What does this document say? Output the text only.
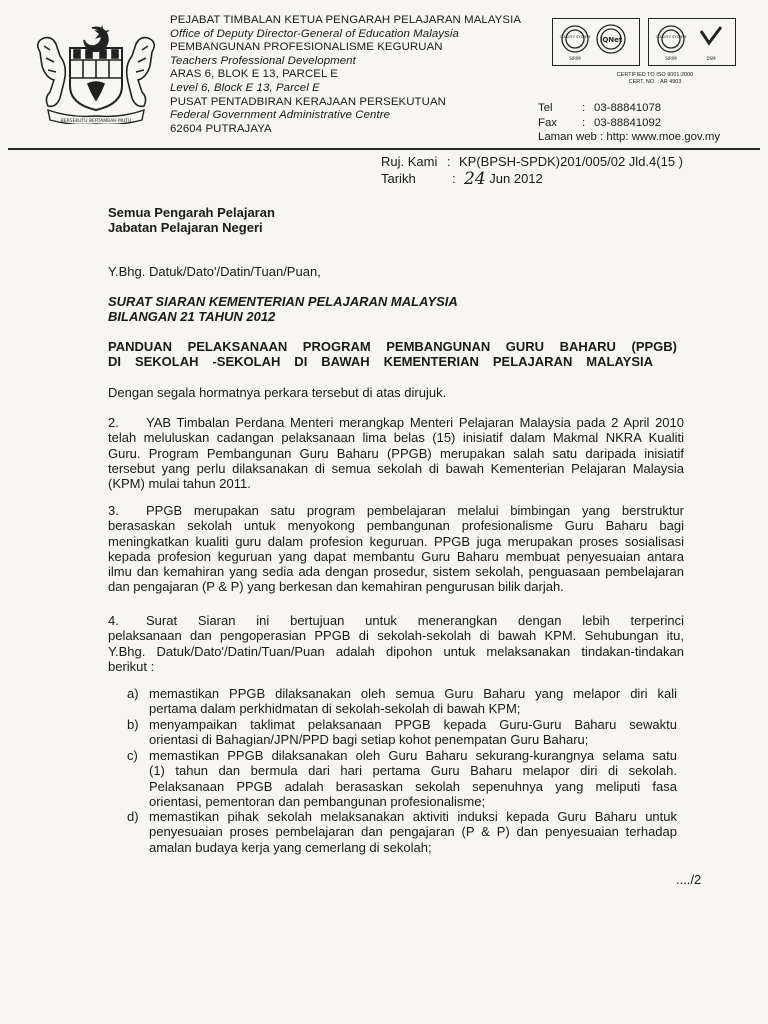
BERSEKUTU BERTAMBAH MUTU
PEJABAT TIMBALAN KETUA PENGARAH PELAJARAN MALAYSIA
Office of Deputy Director-General of Education Malaysia
PEMBANGUNAN PROFESIONALISME KEGURUAN
Teachers Professional Development
ARAS 6, BLOK E 13, PARCEL E
Level 6, Block E 13, Parcel E
PUSAT PENTADBIRAN KERAJAAN PERSEKUTUAN
Federal Government Administrative Centre
62604 PUTRAJAYA
QUALITY SYSTEM IQNet
SIRIM
QUALITY SYSTEM
SIRIM	DSM
CERTIFIED TO ISO 9001:2000
CERT. NO. : AR 4903
Tel	: 03-88841078
Fax : 03-88841092
Laman web : http: www.moe.gov.my
Ruj. Kami : KP(BPSH-SPDK)201/005/02 Jld.4(15 )
Tarikh	: 24 Jun 2012
Semua Pengarah Pelajaran
Jabatan Pelajaran Negeri
Y.Bhg. Datuk/Dato'/Datin/Tuan/Puan,
SURAT SIARAN KEMENTERIAN PELAJARAN MALAYSIA
BILANGAN 21 TAHUN 2012
PANDUAN PELAKSANAAN PROGRAM PEMBANGUNAN GURU BAHARU (PPGB)
DI SEKOLAH -SEKOLAH DI BAWAH KEMENTERIAN PELAJARAN MALAYSIA
Dengan segala hormatnya perkara tersebut di atas dirujuk.
2. YAB Timbalan Perdana Menteri merangkap Menteri Pelajaran Malaysia pada 2 April 2010
telah meluluskan cadangan pelaksanaan lima belas (15) inisiatif dalam Makmal NKRA Kualiti
Guru. Program Pembangunan Guru Baharu (PPGB) merupakan salah satu daripada inisiatif
tersebut yang perlu dilaksanakan di semua sekolah di bawah Kementerian Pelajaran Malaysia
(KPM) mulai tahun 2011.
3. PPGB merupakan satu program pembelajaran melalui bimbingan yang berstruktur
berasaskan sekolah untuk menyokong pembangunan profesionalisme Guru Baharu bagi
meningkatkan kualiti guru dalam profesion keguruan. PPGB juga merupakan proses sosialisasi
kepada profesion keguruan yang dapat membantu Guru Baharu membuat penyesuaian antara
ilmu dan kemahiran yang sedia ada dengan prosedur, sistem sekolah, penguasaan pembelajaran
dan pengajaran (P & P) yang berkesan dan kemahiran pengurusan bilik darjah.
4. Surat Siaran ini bertujuan untuk menerangkan dengan lebih terperinci
pelaksanaan dan pengoperasian PPGB di sekolah-sekolah di bawah KPM. Sehubungan itu,
Y.Bhg. Datuk/Dato'/Datin/Tuan/Puan adalah dipohon untuk melaksanakan tindakan-tindakan
berikut :
a) memastikan PPGB dilaksanakan oleh semua Guru Baharu yang melapor diri kali
pertama dalam perkhidmatan di sekolah-sekolah di bawah KPM;
b) menyampaikan taklimat pelaksanaan PPGB kepada Guru-Guru Baharu sewaktu
orientasi di Bahagian/JPN/PPD bagi setiap kohot penempatan Guru Baharu;
c) memastikan PPGB dilaksanakan oleh Guru Baharu sekurang-kurangnya selama satu
(1) tahun dan bermula dari hari pertama Guru Baharu melapor diri di sekolah.
Pelaksanaan PPGB adalah berasaskan sekolah sepenuhnya yang meliputi fasa
orientasi, pementoran dan pembangunan profesionalisme;
d) memastikan pihak sekolah melaksanakan aktiviti induksi kepada Guru Baharu untuk
penyesuaian proses pembelajaran dan pengajaran (P & P) dan penyesuaian terhadap
amalan budaya kerja yang cemerlang di sekolah;
..../2
